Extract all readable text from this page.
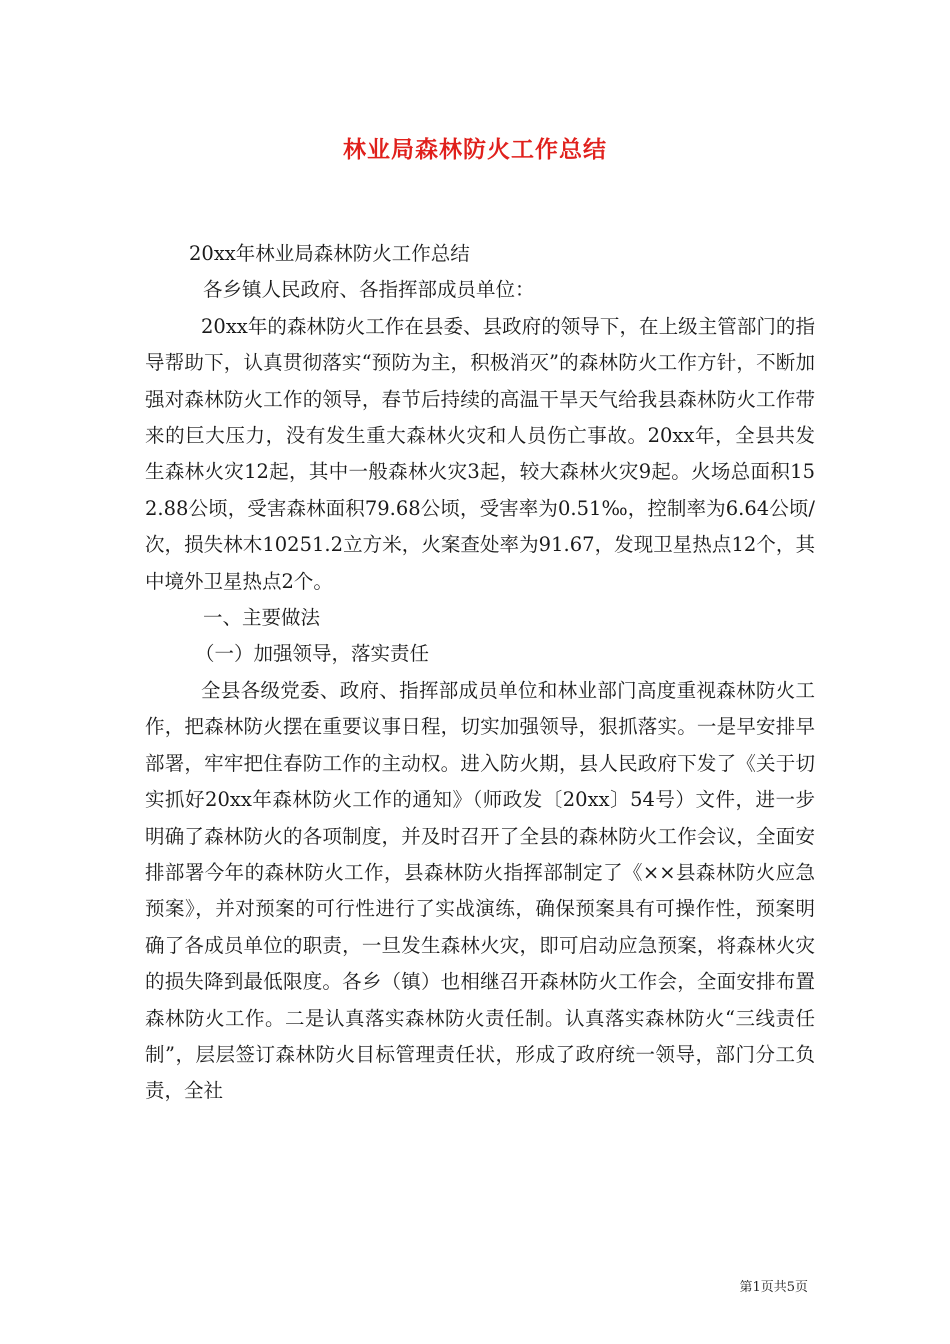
林业局森林防火工作总结

20xx年林业局森林防火工作总结

各乡镇人民政府、各指挥部成员单位：

20xx年的森林防火工作在县委、县政府的领导下，在上级主管部门的指导帮助下，认真贯彻落实“预防为主，积极消灭”的森林防火工作方针，不断加强对森林防火工作的领导，春节后持续的高温干旱天气给我县森林防火工作带来的巨大压力，没有发生重大森林火灾和人员伤亡事故。20xx年，全县共发生森林火灾12起，其中一般森林火灾3起，较大森林火灾9起。火场总面积152.88公顷，受害森林面积79.68公顷，受害率为0.51‰，控制率为6.64公顷/次，损失林木10251.2立方米，火案查处率为91.67，发现卫星热点12个，其中境外卫星热点2个。

一、主要做法

（一）加强领导，落实责任

全县各级党委、政府、指挥部成员单位和林业部门高度重视森林防火工作，把森林防火摆在重要议事日程，切实加强领导，狠抓落实。一是早安排早部署，牢牢把住春防工作的主动权。进入防火期，县人民政府下发了《关于切实抓好20xx年森林防火工作的通知》（师政发〔20xx〕54号）文件，进一步明确了森林防火的各项制度，并及时召开了全县的森林防火工作会议，全面安排部署今年的森林防火工作，县森林防火指挥部制定了《××县森林防火应急预案》，并对预案的可行性进行了实战演练，确保预案具有可操作性，预案明确了各成员单位的职责，一旦发生森林火灾，即可启动应急预案，将森林火灾的损失降到最低限度。各乡（镇）也相继召开森林防火工作会，全面安排布置森林防火工作。二是认真落实森林防火责任制。认真落实森林防火“三线责任制”，层层签订森林防火目标管理责任状，形成了政府统一领导，部门分工负责，全社

第1页共5页
